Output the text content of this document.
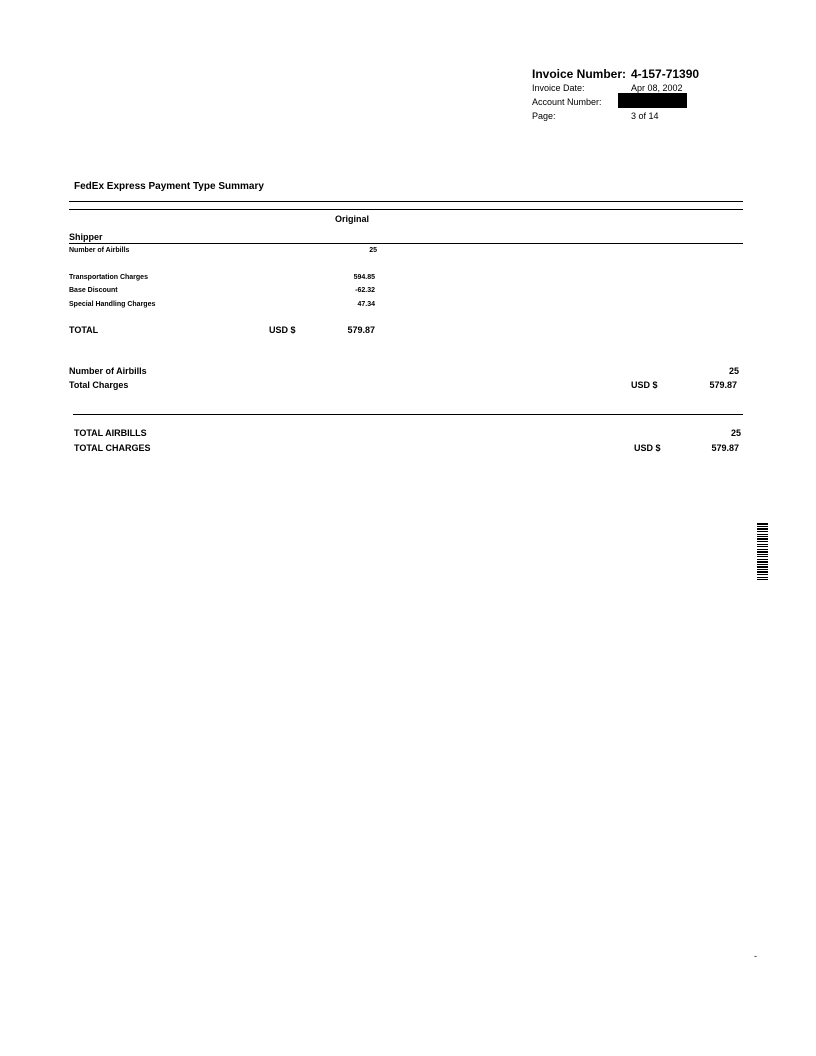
Invoice Number: 4-157-71390
Invoice Date:	Apr 08, 2002
Account Number:
Page:	3 of 14
FedEx Express Payment Type Summary
Original
Shipper
Number of Airbills	25
Transportation Charges	594.85
Base Discount	-62.32
Special Handling Charges	47.34
TOTAL	USD $	579.87
Number of Airbills	25
Total Charges	USD $	579.87
TOTAL AIRBILLS	25
TOTAL CHARGES	USD $	579.87
-
